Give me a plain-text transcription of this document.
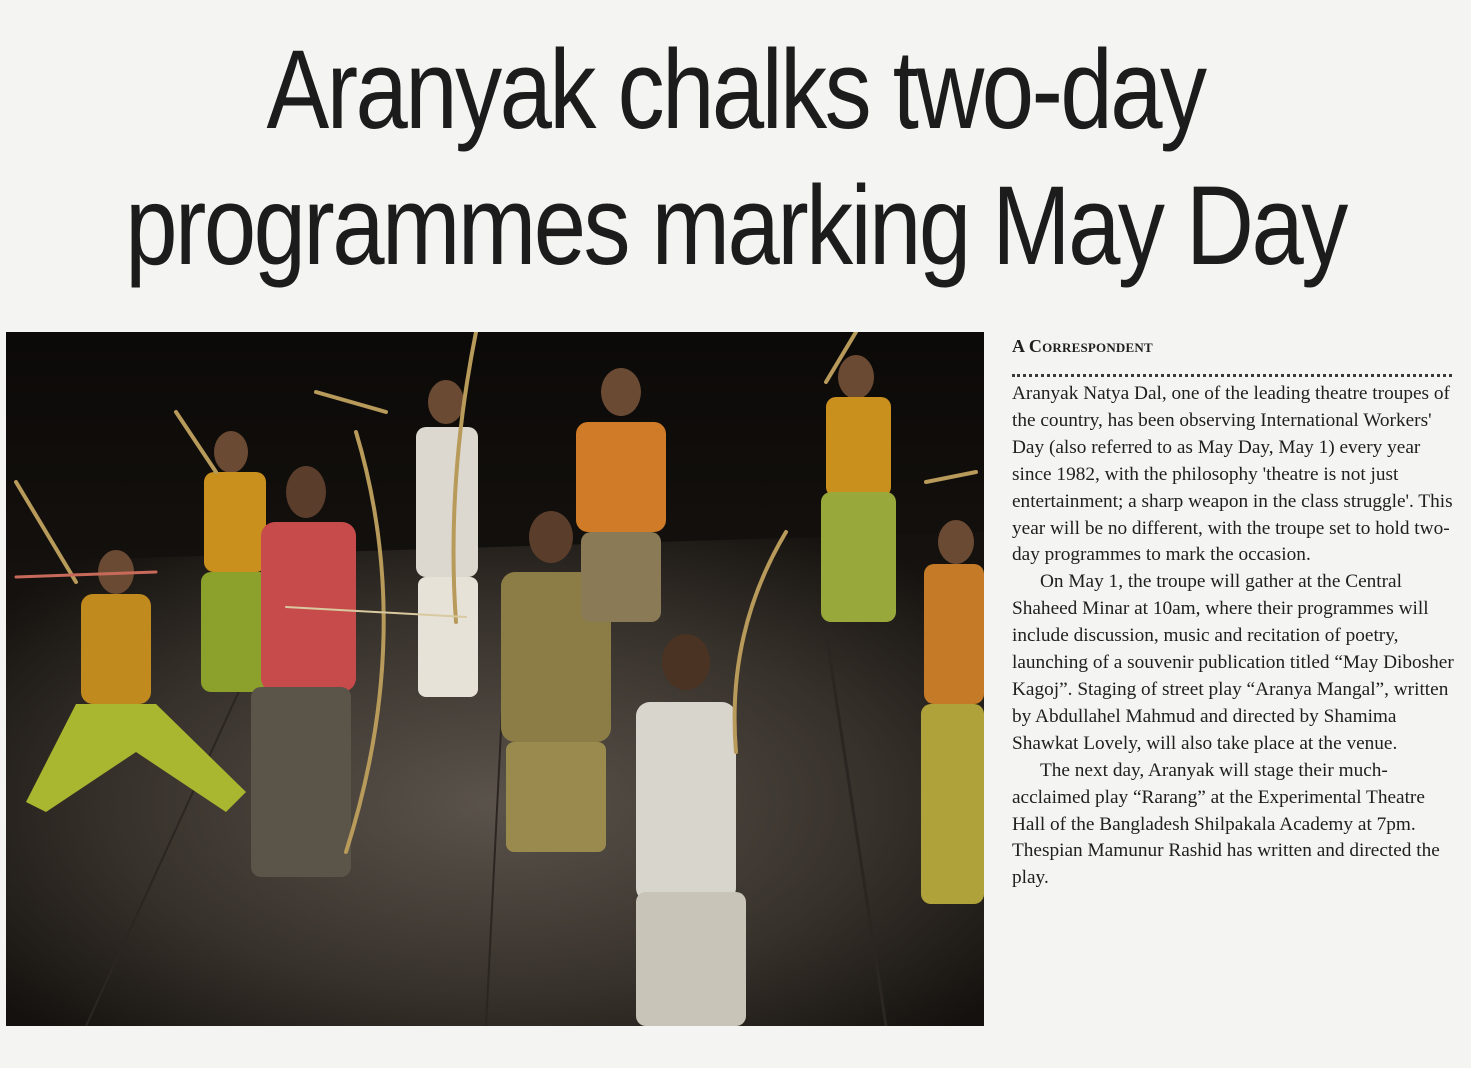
Aranyak chalks two-day
programmes marking May Day
A Correspondent

Aranyak Natya Dal, one of the leading theatre troupes of the country, has been observing International Workers' Day (also referred to as May Day, May 1) every year since 1982, with the philosophy 'theatre is not just entertainment; a sharp weapon in the class struggle'. This year will be no different, with the troupe set to hold two-day programmes to mark the occasion.

On May 1, the troupe will gather at the Central Shaheed Minar at 10am, where their programmes will include discussion, music and recitation of poetry, launching of a souvenir publication titled “May Dibosher Kagoj”. Staging of street play “Aranya Mangal”, written by Abdullahel Mahmud and directed by Shamima Shawkat Lovely, will also take place at the venue.

The next day, Aranyak will stage their much-acclaimed play “Rarang” at the Experimental Theatre Hall of the Bangladesh Shilpakala Academy at 7pm. Thespian Mamunur Rashid has written and directed the play.
